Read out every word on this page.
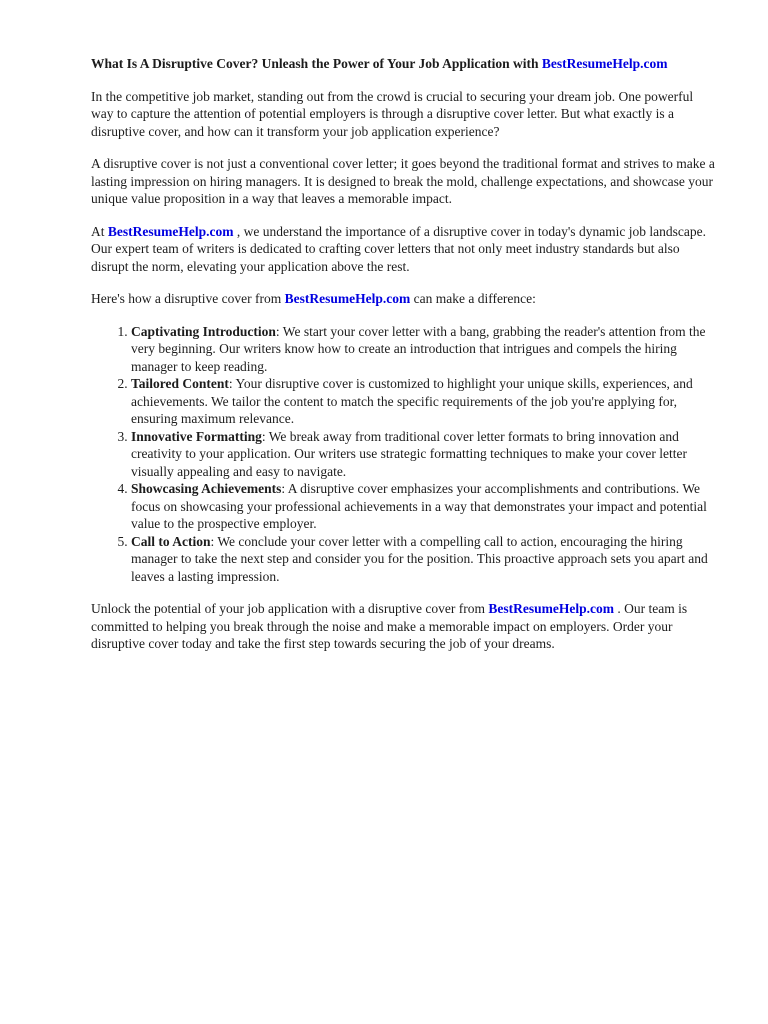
What Is A Disruptive Cover? Unleash the Power of Your Job Application with BestResumeHelp.com

In the competitive job market, standing out from the crowd is crucial to securing your dream job. One powerful way to capture the attention of potential employers is through a disruptive cover letter. But what exactly is a disruptive cover, and how can it transform your job application experience?

A disruptive cover is not just a conventional cover letter; it goes beyond the traditional format and strives to make a lasting impression on hiring managers. It is designed to break the mold, challenge expectations, and showcase your unique value proposition in a way that leaves a memorable impact.

At BestResumeHelp.com , we understand the importance of a disruptive cover in today's dynamic job landscape. Our expert team of writers is dedicated to crafting cover letters that not only meet industry standards but also disrupt the norm, elevating your application above the rest.

Here's how a disruptive cover from BestResumeHelp.com can make a difference:

1. Captivating Introduction: We start your cover letter with a bang, grabbing the reader's attention from the very beginning. Our writers know how to create an introduction that intrigues and compels the hiring manager to keep reading.
2. Tailored Content: Your disruptive cover is customized to highlight your unique skills, experiences, and achievements. We tailor the content to match the specific requirements of the job you're applying for, ensuring maximum relevance.
3. Innovative Formatting: We break away from traditional cover letter formats to bring innovation and creativity to your application. Our writers use strategic formatting techniques to make your cover letter visually appealing and easy to navigate.
4. Showcasing Achievements: A disruptive cover emphasizes your accomplishments and contributions. We focus on showcasing your professional achievements in a way that demonstrates your impact and potential value to the prospective employer.
5. Call to Action: We conclude your cover letter with a compelling call to action, encouraging the hiring manager to take the next step and consider you for the position. This proactive approach sets you apart and leaves a lasting impression.

Unlock the potential of your job application with a disruptive cover from BestResumeHelp.com . Our team is committed to helping you break through the noise and make a memorable impact on employers. Order your disruptive cover today and take the first step towards securing the job of your dreams.
